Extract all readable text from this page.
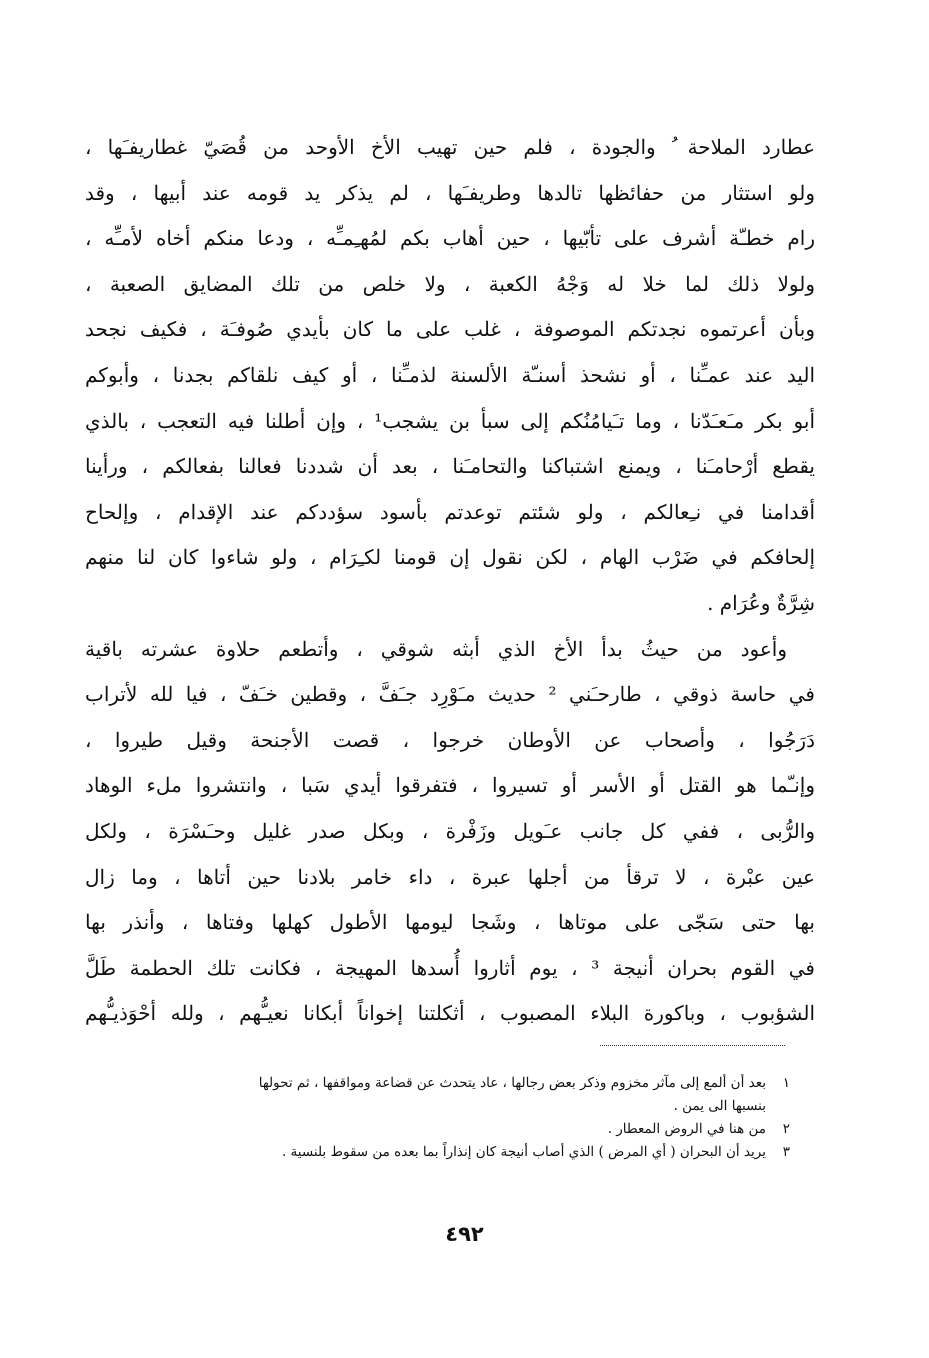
عطارد الملاحة ُ والجودة ، فلم حين تهيب الأخ الأوحد من قُصَيّ غطاريفـَها ،
ولو استثار من حفائظها تالدها وطريفـَها ، لم يذكر يد قومه عند أبيها ، وقد
رام خطـّة أشرف على تأبّيها ، حين أهاب بكم لمُهـِمـِّه ، ودعا منكم أخاه لأمـِّه ،
ولولا ذلك لما خلا له وَجْهُ الكعبة ، ولا خلص من تلك المضايق الصعبة ،
وبأن أعرتموه نجدتكم الموصوفة ، غلب على ما كان بأيدي صُوفـَة ، فكيف نجحد
اليد عند عمـِّنا ، أو نشحذ أسنـّة الألسنة لذمـِّنا ، أو كيف نلقاكم بجدنا ، وأبوكم
أبو بكر مـَعـَدّنا ، وما تـَيامُنُكم إلى سبأ بن يشجب¹ ، وإن أطلنا فيه التعجب ، بالذي
يقطع أرْحامـَنا ، ويمنع اشتباكنا والتحامـَنا ، بعد أن شددنا فعالنا بفعالكم ، ورأينا
أقدامنا في نـِعالكم ، ولو شئتم توعدتم بأسود سؤددكم عند الإقدام ، وإلحاح
إلحافكم في ضَرْب الهام ، لكن نقول إن قومنا لكـِرَام ، ولو شاءوا كان لنا منهم
شِرَّةٌ وعُرَام .
وأعود من حيثُ بدأ الأخ الذي أبثه شوقي ، وأتطعم حلاوة عشرته باقية
في حاسة ذوقي ، طارحـَني ² حديث مـَوْرِد جـَفَّ ، وقطين خـَفّ ، فيا لله لأتراب
دَرَجُوا ، وأصحاب عن الأوطان خرجوا ، قصت الأجنحة وقيل طيروا ،
وإنـّما هو القتل أو الأسر أو تسيروا ، فتفرقوا أيدي سَبا ، وانتشروا ملء الوهاد
والرُّبى ، ففي كل جانب عـَويل وزَفْرة ، وبكل صدر غليل وحـَسْرَة ، ولكل
عين عبْرة ، لا ترقأ من أجلها عبرة ، داء خامر بلادنا حين أتاها ، وما زال
بها حتى سَجّى على موتاها ، وشَجا ليومها الأطول كهلها وفتاها ، وأنذر بها
في القوم بحران أنيجة ³ ، يوم أثاروا أُسدها المهيجة ، فكانت تلك الحطمة طَلَّ
الشؤبوب ، وباكورة البلاء المصبوب ، أثكلتنا إخواناً أبكانا نعيـُّهم ، ولله أحْوَذيـُّهم
١
بعد أن ألمع إلى مآثر مخزوم وذكر بعض رجالها ، عاد يتحدث عن قضاعة ومواقفها ، ثم تحولها
بنسبها الى يمن .
٢
من هنا في الروض المعطار .
٣
يريد أن البحران ( أي المرض ) الذي أصاب أنيجة كان إنذاراً بما بعده من سقوط بلنسية .
٤٩٢
